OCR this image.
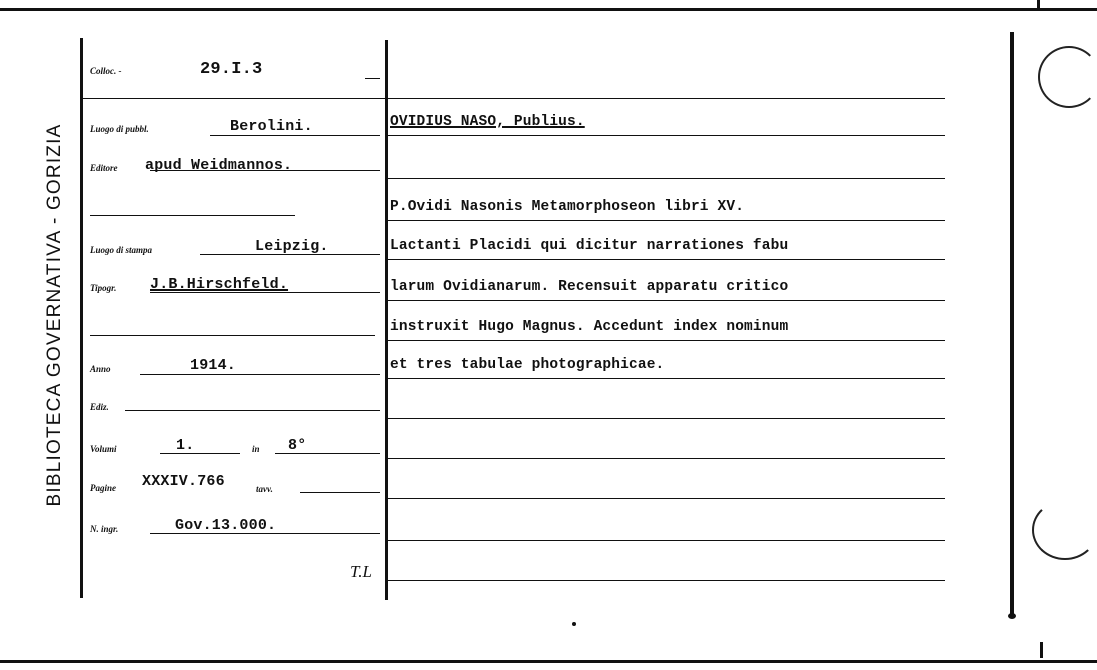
BIBLIOTECA GOVERNATIVA - GORIZIA
Colloc. -	29.I.3
Luogo di pubbl.	Berolini.
Editore apud Weidmannos.
Luogo di stampa	Leipzig.
Tipogr. J.B.Hirschfeld.
Anno	1914.
Ediz.
Volumi	1.	in 8°
Pagine XXXIV.766	tavv.
N. ingr.	Gov.13.000.
T.L
OVIDIUS NASO, Publius.
P.Ovidi Nasonis Metamorphoseon libri XV.
Lactanti Placidi qui dicitur narrationes fabu
larum Ovidianarum. Recensuit apparatu critico
instruxit Hugo Magnus. Accedunt index nominum
et tres tabulae photographicae.
